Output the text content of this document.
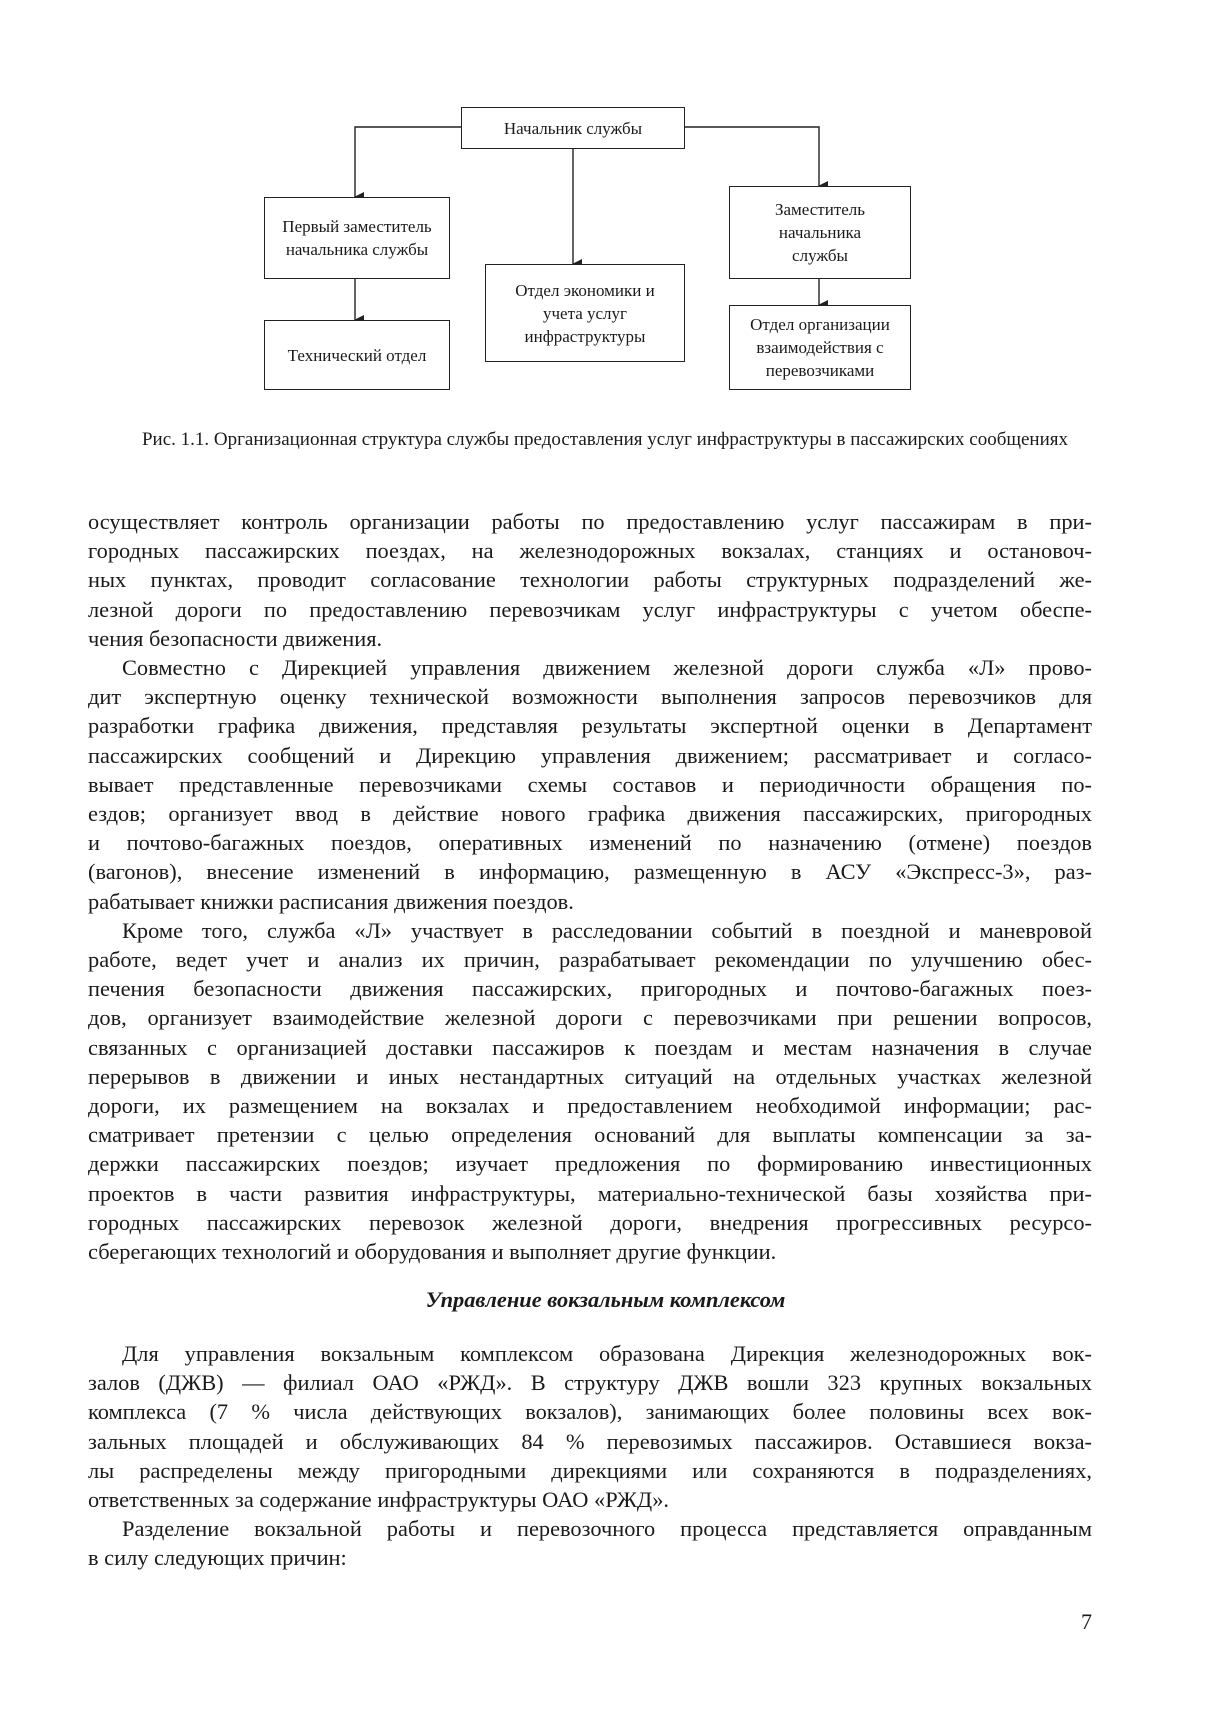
Начальник службы
Первый заместитель начальника службы
Технический отдел
Отдел экономики и учета услуг инфраструктуры
Заместитель начальника службы
Отдел организации взаимодействия с перевозчиками
Рис. 1.1. Организационная структура службы предоставления услуг инфраструктуры в пассажирских сообщениях

осуществляет контроль организации работы по предоставлению услуг пассажирам в при-
городных пассажирских поездах, на железнодорожных вокзалах, станциях и остановоч-
ных пунктах, проводит согласование технологии работы структурных подразделений же-
лезной дороги по предоставлению перевозчикам услуг инфраструктуры с учетом обеспе-
чения безопасности движения.

Совместно с Дирекцией управления движением железной дороги служба «Л» прово-
дит экспертную оценку технической возможности выполнения запросов перевозчиков для
разработки графика движения, представляя результаты экспертной оценки в Департамент
пассажирских сообщений и Дирекцию управления движением; рассматривает и согласо-
вывает представленные перевозчиками схемы составов и периодичности обращения по-
ездов; организует ввод в действие нового графика движения пассажирских, пригородных
и почтово-багажных поездов, оперативных изменений по назначению (отмене) поездов
(вагонов), внесение изменений в информацию, размещенную в АСУ «Экспресс-3», раз-
рабатывает книжки расписания движения поездов.

Кроме того, служба «Л» участвует в расследовании событий в поездной и маневровой
работе, ведет учет и анализ их причин, разрабатывает рекомендации по улучшению обес-
печения безопасности движения пассажирских, пригородных и почтово-багажных поез-
дов, организует взаимодействие железной дороги с перевозчиками при решении вопросов,
связанных с организацией доставки пассажиров к поездам и местам назначения в случае
перерывов в движении и иных нестандартных ситуаций на отдельных участках железной
дороги, их размещением на вокзалах и предоставлением необходимой информации; рас-
сматривает претензии с целью определения оснований для выплаты компенсации за за-
держки пассажирских поездов; изучает предложения по формированию инвестиционных
проектов в части развития инфраструктуры, материально-технической базы хозяйства при-
городных пассажирских перевозок железной дороги, внедрения прогрессивных ресурсо-
сберегающих технологий и оборудования и выполняет другие функции.

Управление вокзальным комплексом

Для управления вокзальным комплексом образована Дирекция железнодорожных вок-
залов (ДЖВ) — филиал ОАО «РЖД». В структуру ДЖВ вошли 323 крупных вокзальных
комплекса (7 % числа действующих вокзалов), занимающих более половины всех вок-
зальных площадей и обслуживающих 84 % перевозимых пассажиров. Оставшиеся вокза-
лы распределены между пригородными дирекциями или сохраняются в подразделениях,
ответственных за содержание инфраструктуры ОАО «РЖД».

Разделение вокзальной работы и перевозочного процесса представляется оправданным
в силу следующих причин:

7
